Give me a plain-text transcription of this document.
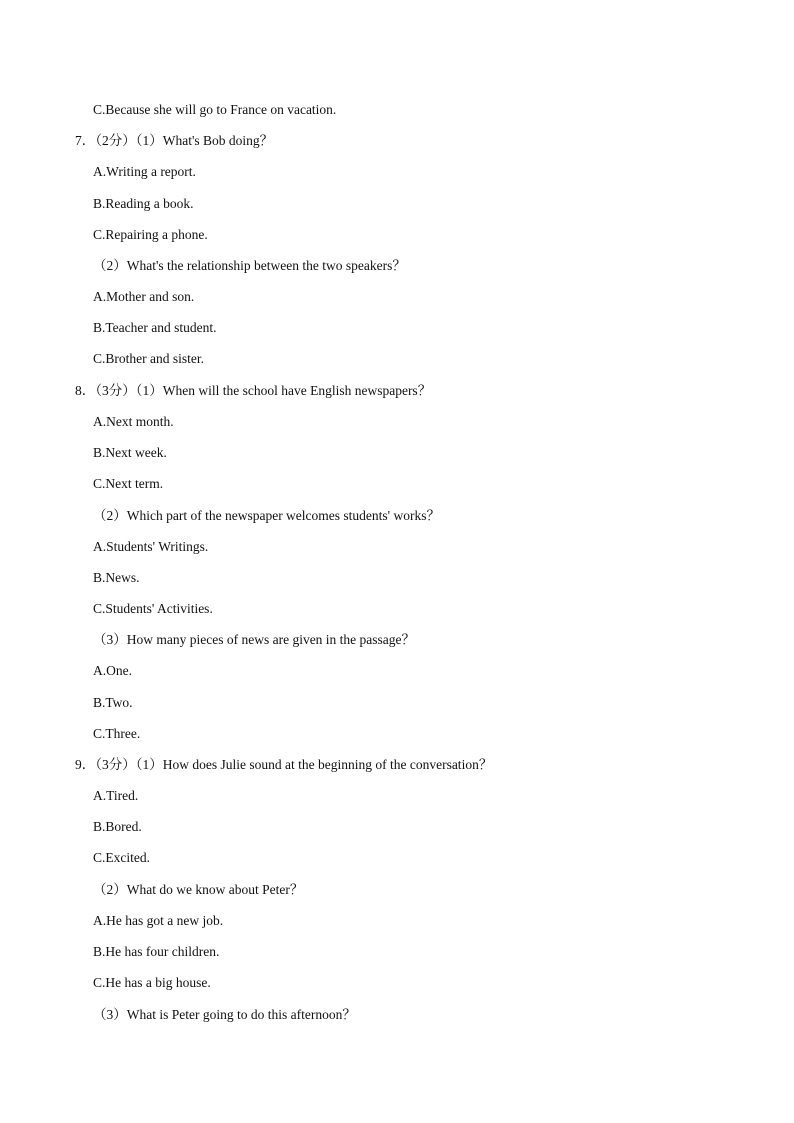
C.Because she will go to France on vacation.
7．（2分）（1）What's Bob doing？
A.Writing a report.
B.Reading a book.
C.Repairing a phone.
（2）What's the relationship between the two speakers？
A.Mother and son.
B.Teacher and student.
C.Brother and sister.
8．（3分）（1）When will the school have English newspapers？
A.Next month.
B.Next week.
C.Next term.
（2）Which part of the newspaper welcomes students' works？
A.Students' Writings.
B.News.
C.Students' Activities.
（3）How many pieces of news are given in the passage？
A.One.
B.Two.
C.Three.
9．（3分）（1）How does Julie sound at the beginning of the conversation？
A.Tired.
B.Bored.
C.Excited.
（2）What do we know about Peter？
A.He has got a new job.
B.He has four children.
C.He has a big house.
（3）What is Peter going to do this afternoon？
